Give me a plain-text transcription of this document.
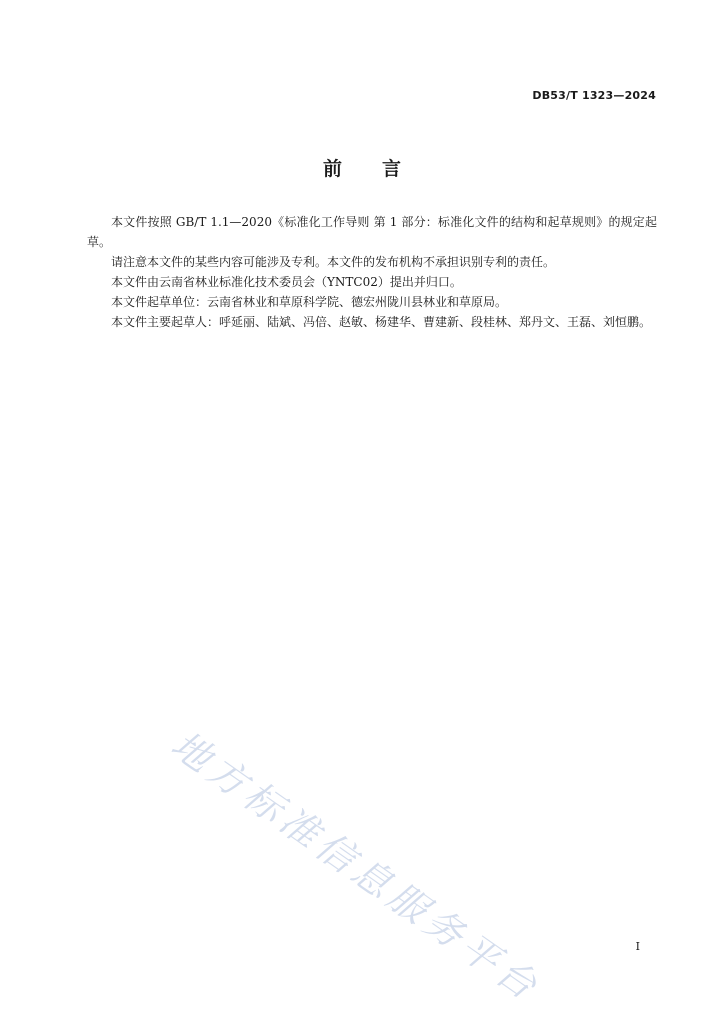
DB53/T 1323—2024
前 言

本文件按照 GB/T 1.1—2020《标准化工作导则 第 1 部分：标准化文件的结构和起草规则》的规定起草。

请注意本文件的某些内容可能涉及专利。本文件的发布机构不承担识别专利的责任。

本文件由云南省林业标准化技术委员会（YNTC02）提出并归口。

本文件起草单位：云南省林业和草原科学院、德宏州陇川县林业和草原局。

本文件主要起草人：呼延丽、陆斌、冯倍、赵敏、杨建华、曹建新、段桂林、郑丹文、王磊、刘恒鹏。

地方标准信息服务平台	I
